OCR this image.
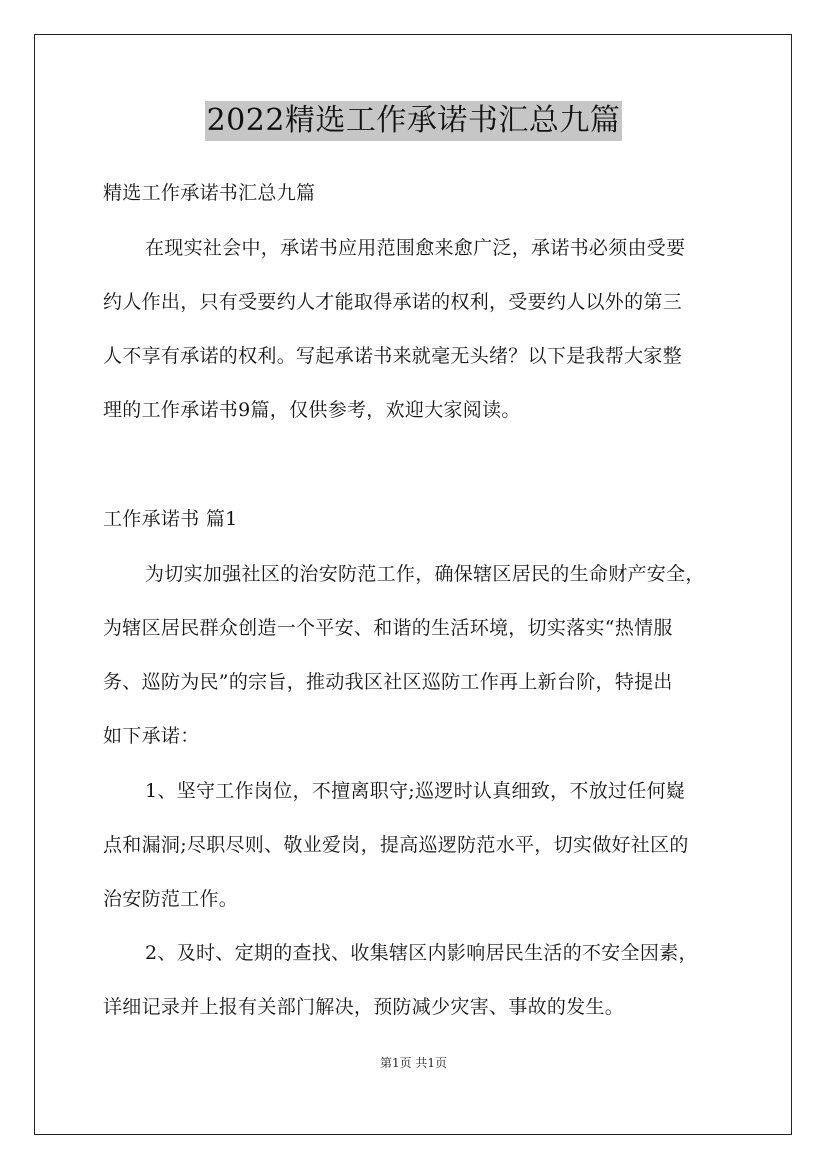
2022精选工作承诺书汇总九篇
精选工作承诺书汇总九篇
在现实社会中，承诺书应用范围愈来愈广泛，承诺书必须由受要
约人作出，只有受要约人才能取得承诺的权利，受要约人以外的第三
人不享有承诺的权利。写起承诺书来就毫无头绪？以下是我帮大家整
理的工作承诺书9篇，仅供参考，欢迎大家阅读。
工作承诺书 篇1
为切实加强社区的治安防范工作，确保辖区居民的生命财产安全，
为辖区居民群众创造一个平安、和谐的生活环境，切实落实“热情服
务、巡防为民”的宗旨，推动我区社区巡防工作再上新台阶，特提出
如下承诺：
1、坚守工作岗位，不擅离职守;巡逻时认真细致，不放过任何嶷
点和漏洞;尽职尽则、敬业爱岗，提高巡逻防范水平，切实做好社区的
治安防范工作。
2、及时、定期的查找、收集辖区内影响居民生活的不安全因素，
详细记录并上报有关部门解决，预防减少灾害、事故的发生。
第1页 共1页
